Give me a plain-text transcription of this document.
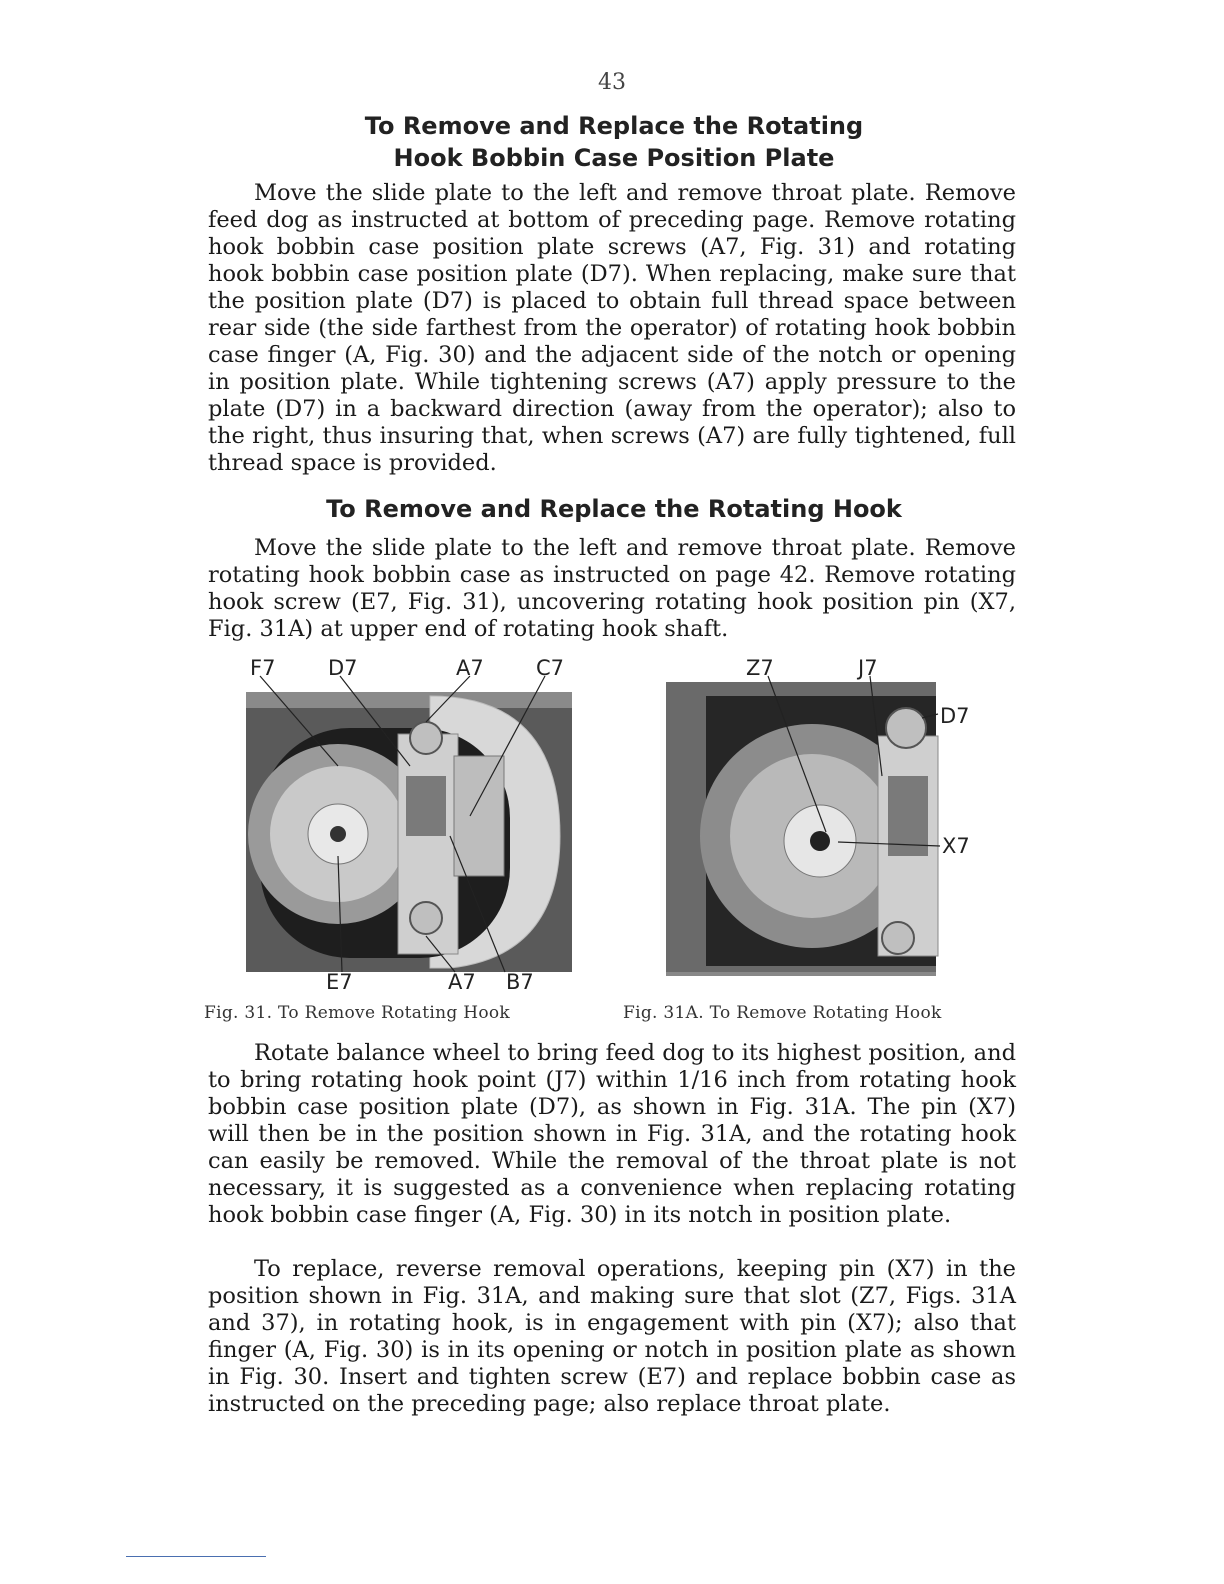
43
To Remove and Replace the Rotating
Hook Bobbin Case Position Plate

Move the slide plate to the left and remove throat plate. Remove feed dog as instructed at bottom of preceding page. Remove rotating hook bobbin case position plate screws (A7, Fig. 31) and rotating hook bobbin case position plate (D7). When replacing, make sure that the position plate (D7) is placed to obtain full thread space between rear side (the side farthest from the operator) of rotating hook bobbin case finger (A, Fig. 30) and the adjacent side of the notch or opening in position plate. While tightening screws (A7) apply pressure to the plate (D7) in a backward direction (away from the operator); also to the right, thus insuring that, when screws (A7) are fully tightened, full thread space is provided.

To Remove and Replace the Rotating Hook

Move the slide plate to the left and remove throat plate. Remove rotating hook bobbin case as instructed on page 42. Remove rotating hook screw (E7, Fig. 31), uncovering rotating hook position pin (X7, Fig. 31A) at upper end of rotating hook shaft.

F7	D7	A7 C7
E7	A7 B7
Z7	J7
D7
X7
Fig. 31. To Remove Rotating Hook	Fig. 31A. To Remove Rotating Hook

Rotate balance wheel to bring feed dog to its highest position, and to bring rotating hook point (J7) within 1/16 inch from rotating hook bobbin case position plate (D7), as shown in Fig. 31A. The pin (X7) will then be in the position shown in Fig. 31A, and the rotating hook can easily be removed. While the removal of the throat plate is not necessary, it is suggested as a convenience when replacing rotating hook bobbin case finger (A, Fig. 30) in its notch in position plate.

To replace, reverse removal operations, keeping pin (X7) in the position shown in Fig. 31A, and making sure that slot (Z7, Figs. 31A and 37), in rotating hook, is in engagement with pin (X7); also that finger (A, Fig. 30) is in its opening or notch in position plate as shown in Fig. 30. Insert and tighten screw (E7) and replace bobbin case as instructed on the preceding page; also replace throat plate.
